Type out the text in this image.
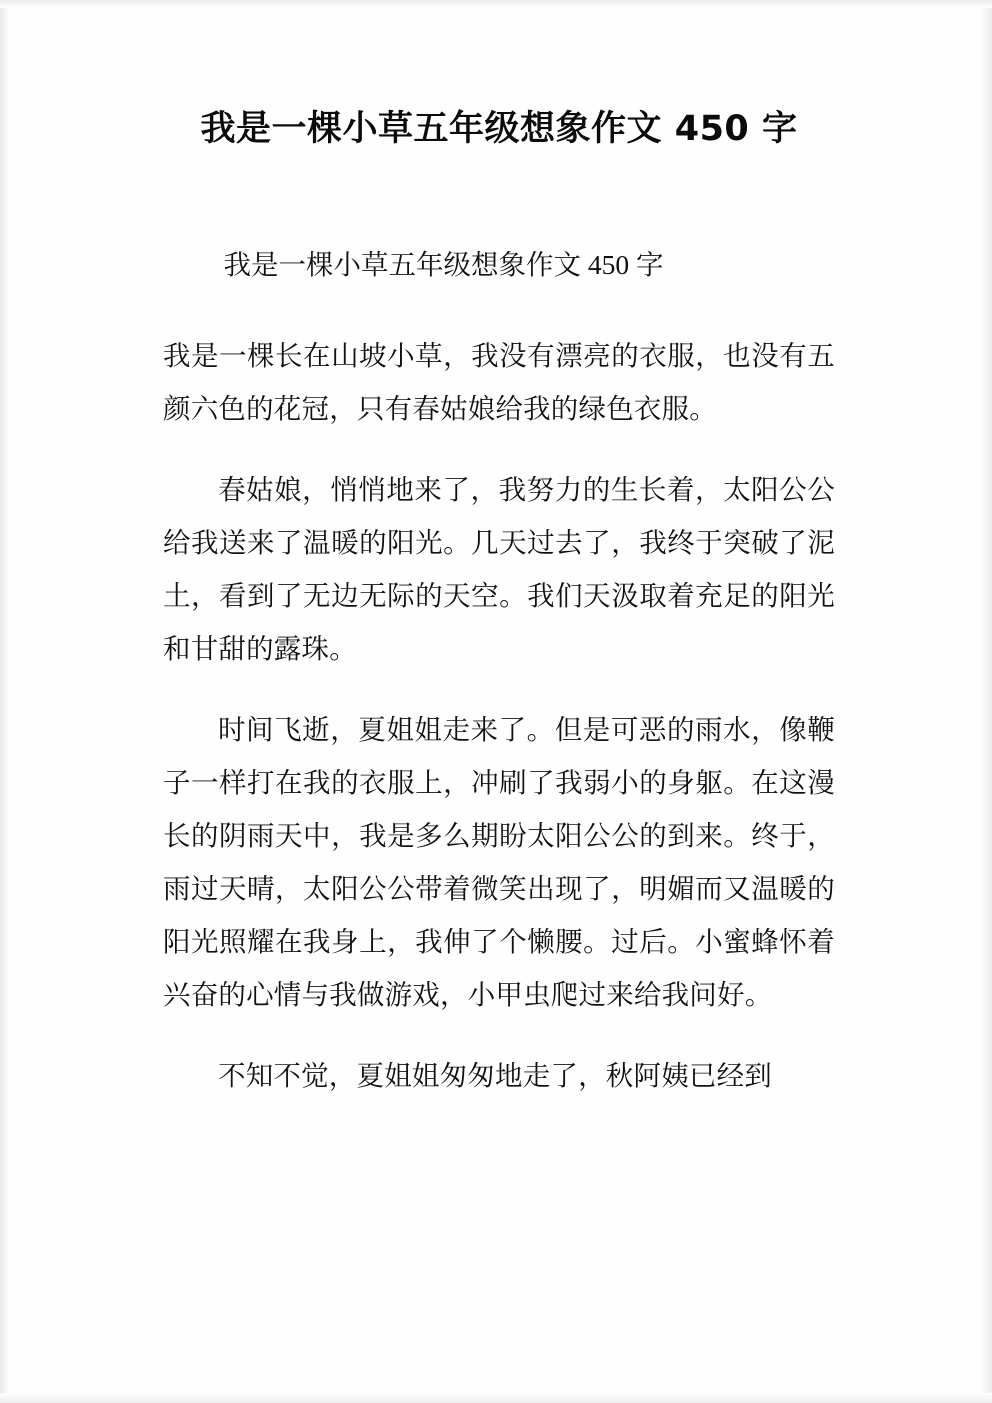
我是一棵小草五年级想象作文 450 字

我是一棵小草五年级想象作文 450 字

我是一棵长在山坡小草，我没有漂亮的衣服，也没有五颜六色的花冠，只有春姑娘给我的绿色衣服。

春姑娘，悄悄地来了，我努力的生长着，太阳公公给我送来了温暖的阳光。几天过去了，我终于突破了泥土，看到了无边无际的天空。我们天汲取着充足的阳光和甘甜的露珠。

时间飞逝，夏姐姐走来了。但是可恶的雨水，像鞭子一样打在我的衣服上，冲刷了我弱小的身躯。在这漫长的阴雨天中，我是多么期盼太阳公公的到来。终于，雨过天晴，太阳公公带着微笑出现了，明媚而又温暖的阳光照耀在我身上，我伸了个懒腰。过后。小蜜蜂怀着兴奋的心情与我做游戏，小甲虫爬过来给我问好。

不知不觉，夏姐姐匆匆地走了，秋阿姨已经到
